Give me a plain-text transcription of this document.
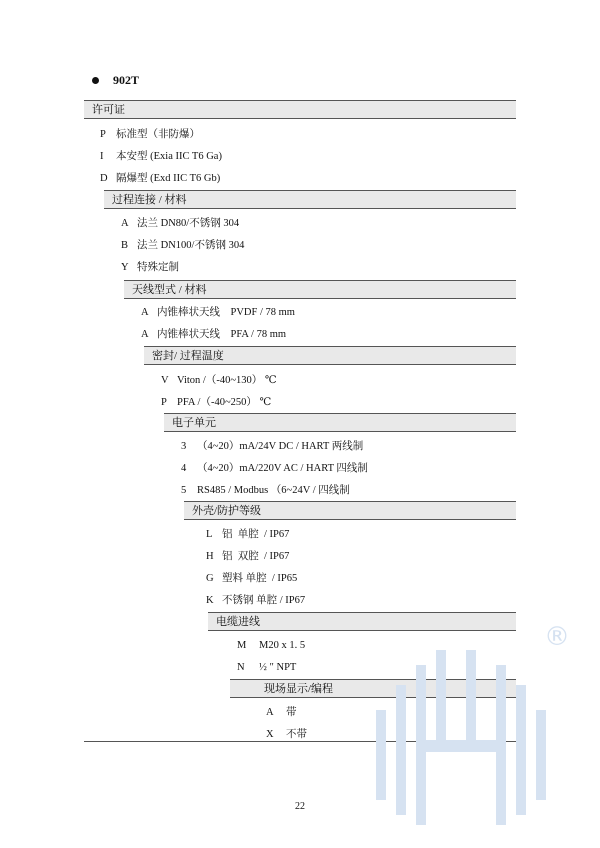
902T
许可证
P 标准型（非防爆）
I 本安型 (Exia IIC T6 Ga)
D 隔爆型 (Exd IIC T6 Gb)
过程连接 / 材料
A 法兰 DN80/不锈钢 304
B 法兰 DN100/不锈钢 304
Y 特殊定制
天线型式 / 材料
A 内锥棒状天线    PVDF / 78 mm
A 内锥棒状天线    PFA / 78 mm
密封/ 过程温度
V Viton /（-40~130） ℃
P PFA /（-40~250） ℃
电子单元
3 （4~20）mA/24V DC / HART 两线制
4 （4~20）mA/220V AC / HART 四线制
5 RS485 / Modbus （6~24V / 四线制
外壳/防护等级
L 铝  单腔  / IP67
H 铝  双腔  / IP67
G 塑料 单腔  / IP65
K 不锈钢 单腔 / IP67
电缆进线
M M20 x 1. 5
N ½ ″ NPT
现场显示/编程
A 带
X 不带
22
®
